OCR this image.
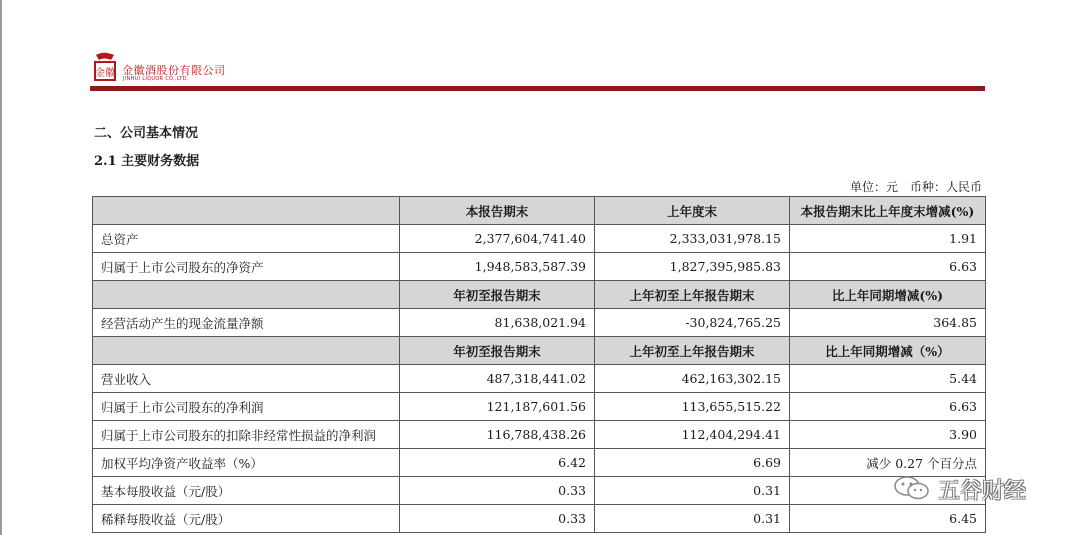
金徽 金徽酒股份有限公司
JINHUI LIQUOR CO.,LTD.
二、公司基本情况
2.1 主要财务数据
单位：元　币种：人民币
	本报告期末	上年度末	本报告期末比上年度末增减(%)
总资产	2,377,604,741.40	2,333,031,978.15	1.91
归属于上市公司股东的净资产	1,948,583,587.39	1,827,395,985.83	6.63
	年初至报告期末	上年初至上年报告期末	比上年同期增减(%)
经营活动产生的现金流量净额	81,638,021.94	-30,824,765.25	364.85
	年初至报告期末	上年初至上年报告期末	比上年同期增减（%）
营业收入	487,318,441.02	462,163,302.15	5.44
归属于上市公司股东的净利润	121,187,601.56	113,655,515.22	6.63
归属于上市公司股东的扣除非经常性损益的净利润	116,788,438.26	112,404,294.41	3.90
加权平均净资产收益率（%）	6.42	6.69	减少 0.27 个百分点
基本每股收益（元/股）	0.33	0.31	
稀释每股收益（元/股）	0.33	0.31	6.45
五谷财经
